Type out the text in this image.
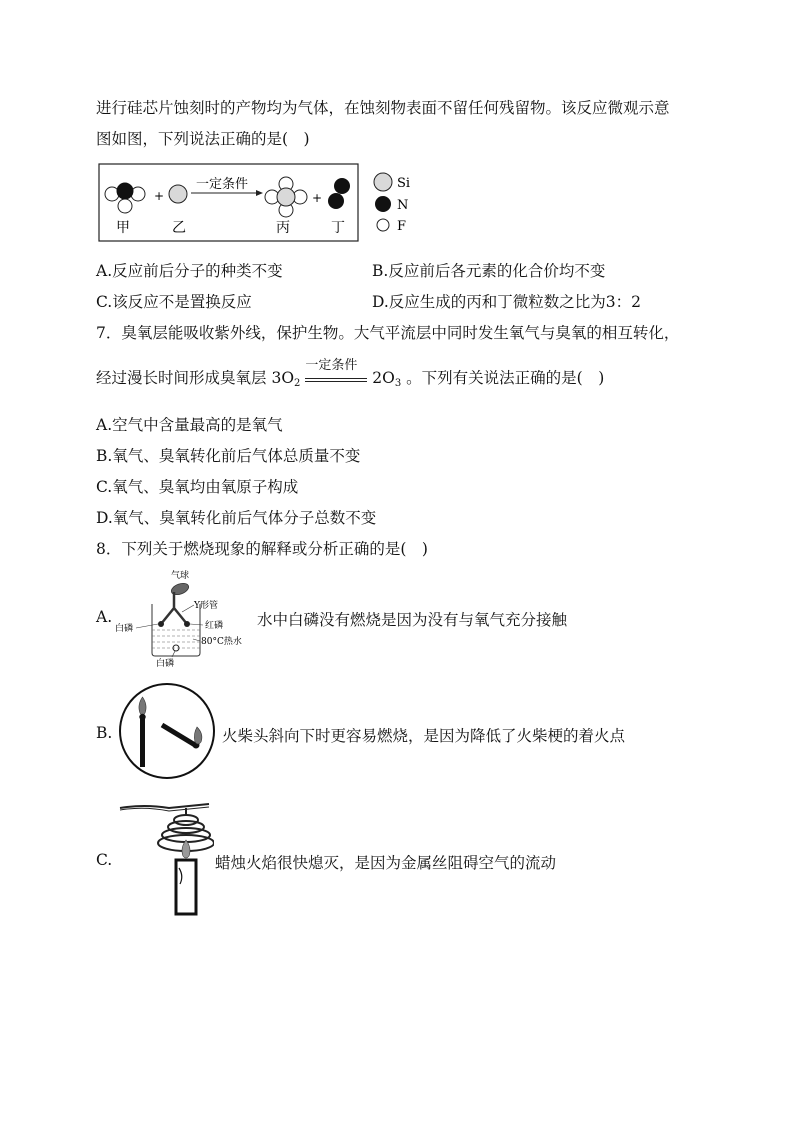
进行硅芯片蚀刻时的产物均为气体，在蚀刻物表面不留任何残留物。该反应微观示意
图如图，下列说法正确的是(　)
+
一定条件
+
甲	乙	丙	丁
Si
N
F
A.反应前后分子的种类不变	B.反应前后各元素的化合价均不变
C.该反应不是置换反应	D.反应生成的丙和丁微粒数之比为3：2
7．臭氧层能吸收紫外线，保护生物。大气平流层中同时发生氧气与臭氧的相互转化，
经过漫长时间形成臭氧层 $3O_2$
一定条件
$2O_3$ 。下列有关说法正确的是(　)
A.空气中含量最高的是氧气
B.氧气、臭氧转化前后气体总质量不变
C.氧气、臭氧均由氧原子构成
D.氧气、臭氧转化前后气体分子总数不变
8．下列关于燃烧现象的解释或分析正确的是(　)
A.
气球
Y形管
白磷	红磷
80°C热水
白磷
水中白磷没有燃烧是因为没有与氧气充分接触
B.	火柴头斜向下时更容易燃烧，是因为降低了火柴梗的着火点
C.	蜡烛火焰很快熄灭，是因为金属丝阻碍空气的流动
